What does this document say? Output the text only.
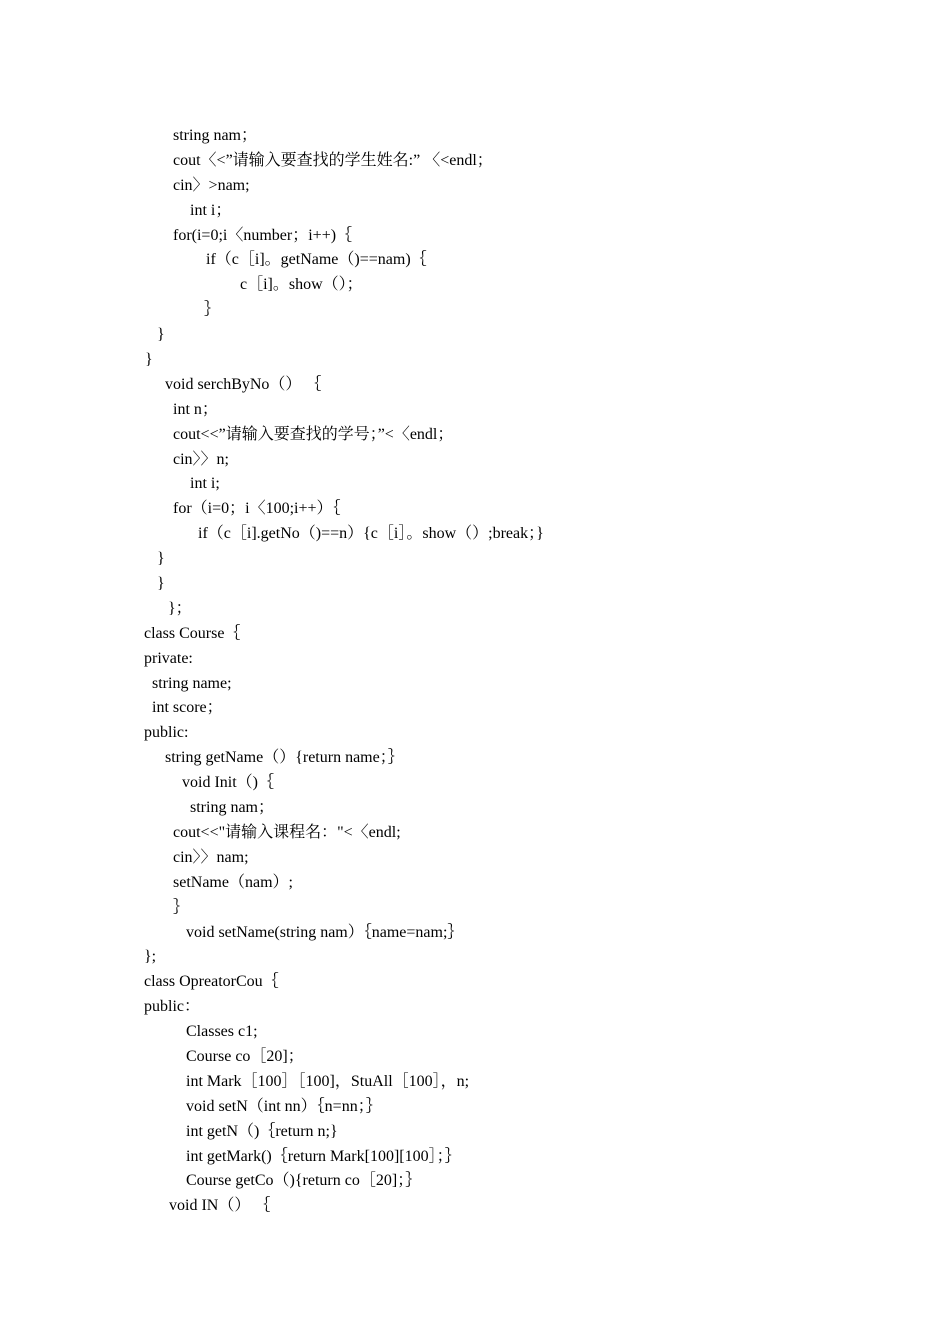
string nam；
cout〈<”请输入要查找的学生姓名:” 〈<endl；
cin〉>nam;
int i；
for(i=0;i〈number；i++)｛
if（c［i]。getName（)==nam)｛
c［i]。show（）；
｝
}
}
void serchByNo（） ｛
int n；
cout<<”请输入要查找的学号；”<〈endl；
cin〉〉n;
int i;
for（i=0；i〈100;i++）｛
if（c［i].getNo（)==n）{c［i］。show（）;break；}
}
}
}；
class Course｛
private:
string name;
int score；
public:
string getName（）{return name；｝
void Init（)｛
string nam；
cout<<"请输入课程名："<〈endl;
cin〉〉nam;
setName（nam）;
｝
void setName(string nam）｛name=nam;｝
};
class OpreatorCou｛
public：
Classes c1;
Course co［20]；
int Mark［100］［100]，StuAll［100］，n;
void setN（int nn）｛n=nn；｝
int getN（)｛return n;}
int getMark()｛return Mark[100][100］；｝
Course getCo（){return co［20]；｝
void IN（） ｛
